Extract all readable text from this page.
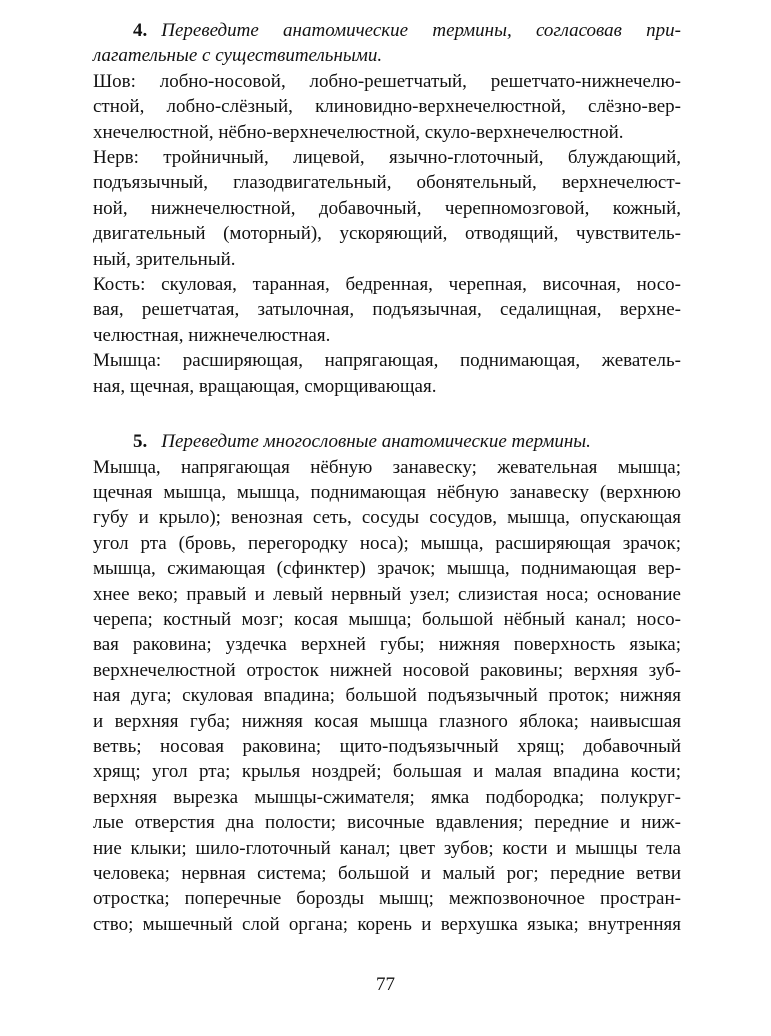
4. Переведите анатомические термины, согласовав при-
лагательные с существительными.

Шов: лобно-носовой, лобно-решетчатый, решетчато-нижнечелю-
стной, лобно-слёзный, клиновидно-верхнечелюстной, слёзно-вер-
хнечелюстной, нёбно-верхнечелюстной, скуло-верхнечелюстной.
Нерв: тройничный, лицевой, язычно-глоточный, блуждающий,
подъязычный, глазодвигательный, обонятельный, верхнечелюст-
ной, нижнечелюстной, добавочный, черепномозговой, кожный,
двигательный (моторный), ускоряющий, отводящий, чувствитель-
ный, зрительный.
Кость: скуловая, таранная, бедренная, черепная, височная, носо-
вая, решетчатая, затылочная, подъязычная, седалищная, верхне-
челюстная, нижнечелюстная.
Мышца: расширяющая, напрягающая, поднимающая, жеватель-
ная, щечная, вращающая, сморщивающая.

5. Переведите многословные анатомические термины.

Мышца, напрягающая нёбную занавеску; жевательная мышца;
щечная мышца, мышца, поднимающая нёбную занавеску (верхнюю
губу и крыло); венозная сеть, сосуды сосудов, мышца, опускающая
угол рта (бровь, перегородку носа); мышца, расширяющая зрачок;
мышца, сжимающая (сфинктер) зрачок; мышца, поднимающая вер-
хнее веко; правый и левый нервный узел; слизистая носа; основание
черепа; костный мозг; косая мышца; большой нёбный канал; носо-
вая раковина; уздечка верхней губы; нижняя поверхность языка;
верхнечелюстной отросток нижней носовой раковины; верхняя зуб-
ная дуга; скуловая впадина; большой подъязычный проток; нижняя
и верхняя губа; нижняя косая мышца глазного яблока; наивысшая
ветвь; носовая раковина; щито-подъязычный хрящ; добавочный
хрящ; угол рта; крылья ноздрей; большая и малая впадина кости;
верхняя вырезка мышцы-сжимателя; ямка подбородка; полукруг-
лые отверстия дна полости; височные вдавления; передние и ниж-
ние клыки; шило-глоточный канал; цвет зубов; кости и мышцы тела
человека; нервная система; большой и малый рог; передние ветви
отростка; поперечные борозды мышц; межпозвоночное простран-
ство; мышечный слой органа; корень и верхушка языка; внутренняя
77
